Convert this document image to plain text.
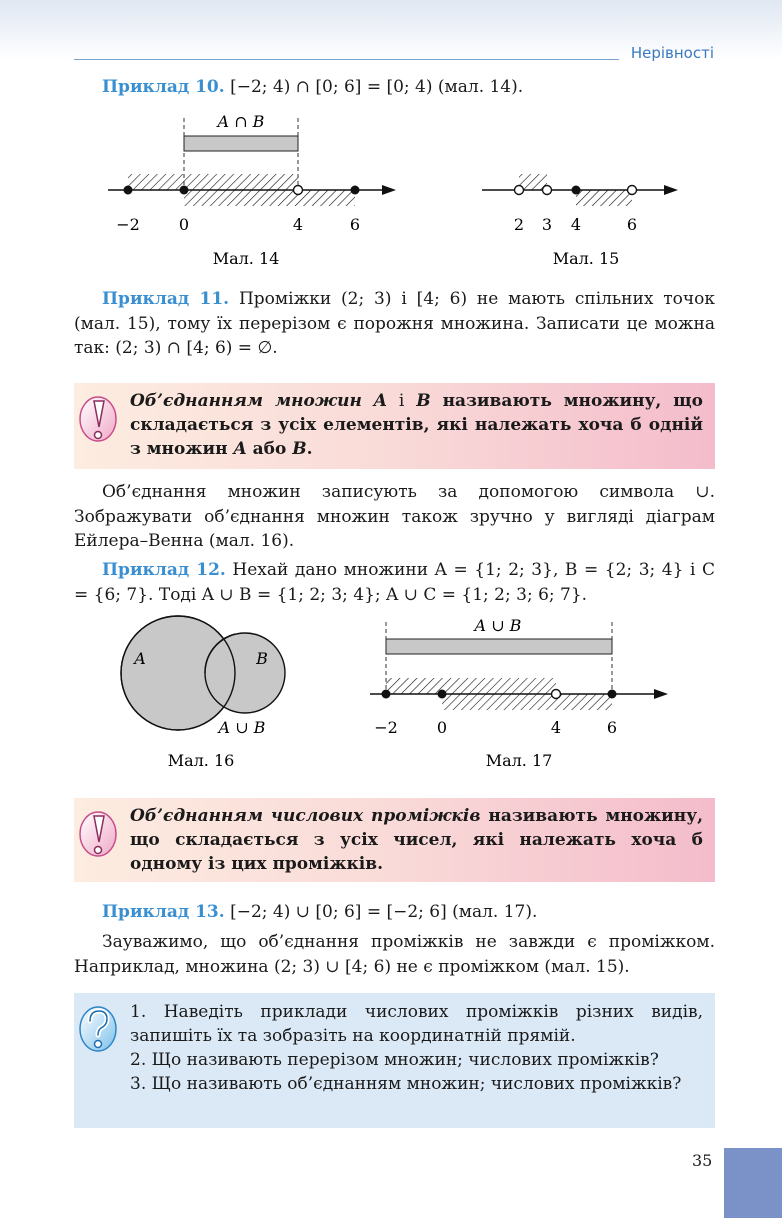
Нерівності
Приклад 10. [−2; 4) ∩ [0; 6] = [0; 4) (мал. 14).
A ∩ B
−2 0	4	6
Мал. 14
2 3 4	6
Мал. 15
Приклад 11. Проміжки (2; 3) і [4; 6) не мають спільних точок (мал. 15), тому їх перерізом є порожня множина. Записати це можна так: (2; 3) ∩ [4; 6) = ∅.
Об’єднанням множин A і B називають множину, що складається з усіх елементів, які належать хоча б одній з множин A або B.
Об’єднання множин записують за допомогою символа ∪. Зображувати об’єднання множин також зручно у вигляді діаграм Ейлера–Венна (мал. 16).
Приклад 12. Нехай дано множини A = {1; 2; 3}, B = {2; 3; 4} і C = {6; 7}. Тоді A ∪ B = {1; 2; 3; 4}; A ∪ C = {1; 2; 3; 6; 7}.
A	B
A ∪ B
Мал. 16
A ∪ B
−2 0	4	6
Мал. 17
Об’єднанням числових проміжків називають множину, що складається з усіх чисел, які належать хоча б одному із цих проміжків.
Приклад 13. [−2; 4) ∪ [0; 6] = [−2; 6] (мал. 17).
Зауважимо, що об’єднання проміжків не завжди є проміжком. Наприклад, множина (2; 3) ∪ [4; 6) не є проміжком (мал. 15).
1. Наведіть приклади числових проміжків різних видів, запишіть їх та зобразіть на координатній прямій.
2. Що називають перерізом множин; числових проміжків?
3. Що називають об’єднанням множин; числових проміжків?
35
